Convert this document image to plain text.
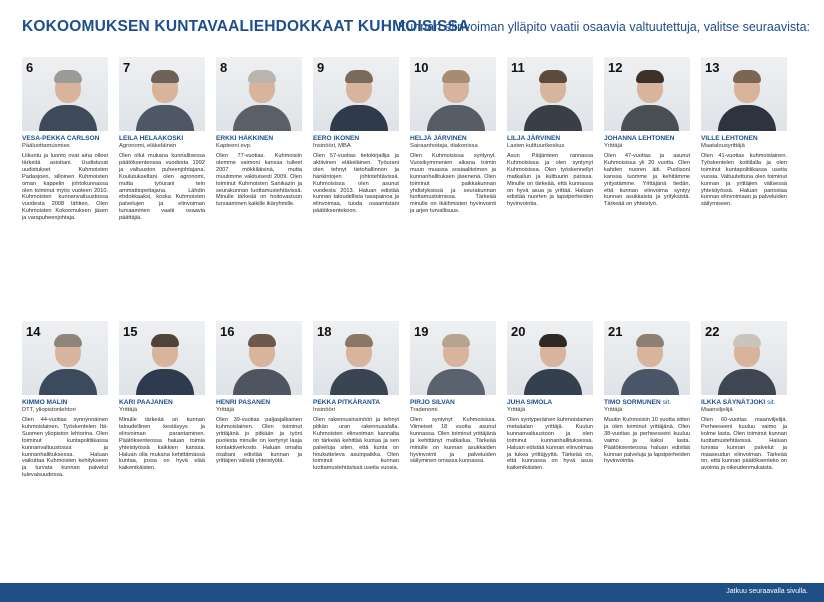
KOKOOMUKSEN KUNTAVAALIEHDOKKAAT KUHMOISISSA
Kunnan elinvoiman ylläpito vaatii osaavia valtuutettuja, valitse seuraavista:
6
VESA-PEKKA CARLSON
Pääluottamusmies
Liikuntu ja luonto ovat aina olleet tärkeitä asioitani. Uudistuvat uudistukset Kuhmoisten Padasjoen, silloinen Kuhmoisten oman kappelin johtokunnassa olen toiminut myös vuoteen 2010. Kuhmoisten kunnanvaltuustossa vuodesta 2008 lähtien. Olen Kuhmoisten Kokoomuksen jäsen ja varapuheenjohtaja.
7
LEILA HELAAKOSKI
Agronomi, eläkeläinen
Olen ollut mukana kunnallisessa päätöksenteossa vuodesta 1992 ja valtuuston puheenjohtajana. Koulutukseltani olen agronomi, mutta työurani tein ammattiopettajana. Lähdin ehdokkaaksi, koska Kuhmoisten palvelujen ja elinvoiman turvaaminen vaatii osaavia päättäjiä.
8
ERKKI HÄKKINEN
Kapteeni evp.
Olen 77-vuotias. Kuhmoisiin olemme vaimoni kanssa tulleet 2007 mökkiläisinä, mutta muutimme vakituisesti 2009. Olen toiminut Kuhmoisten Sanikazin ja seurakunnan luottamustehtävissä. Minulle tärkeää on hoitovastuun turvaaminen kaikille ikäryhmille.
9
EERO IKONEN
Insinööri, MBA
Olen 57-vuotias tietokirjailija ja aktiivinen eläkeläinen. Työurani olen tehnyt tietohallinnon ja hankintojen johtotehtävissä. Kuhmoisissa olen asunut vuodesta 2013. Haluan edistää kunnan taloudellista tasapainoa ja elinvoimaa, tuoda osaamistani päätöksentekoon.
10
HELJÄ JÄRVINEN
Sairaanhoitaja, diakonissa
Olen Kuhmoisissa syntynyt. Vuosikymmenien aikana toimin muun muassa sosiaalitoimen ja kunnanhallituksen jäsenenä. Olen toiminut paikkakunnan yhdistyksissä ja seurakunnan luottamustoimissa. Tärkeää minulle on ikäihmisten hyvinvointi ja arjen turvallisuus.
11
LILJA JÄRVINEN
Lasten kulttuurikeskus
Asun Päijänteen rannassa Kuhmoisissa ja olen syntynyt Kuhmoisissa. Olen työskennellyt matkailun ja kulttuurin parissa. Minulle on tärkeää, että kunnassa on hyvä asua ja yrittää. Haluan edistää nuorten ja lapsiperheiden hyvinvointia.
12
JOHANNA LEHTONEN
Yrittäjä
Olen 47-vuotias ja asunut Kuhmoisissa yli 20 vuotta. Olen kahden nuoren äiti. Puolisoni kanssa luomme ja kehitämme yritystämme. Yrittäjänä tiedän, että kunnan elinvoima syntyy kunnan asukkaista ja yrityksistä. Tärkeää on yhteistyö.
13
VILLE LEHTONEN
Maatalousyrittäjä
Olen 41-vuotias kuhmoislainen. Työskentelen kotitilalla ja olen toiminut kuntapolitiikassa useita vuosia. Valtuutettuna olen toiminut kunnan ja yrittäjien välisessä yhteistyössä. Haluan panostaa kunnan elinvoimaan ja palveluiden säilymiseen.
14
KIMMO MALIN
DTT, yliopistonlehtori
Olen 44-vuotias synnynnäinen kuhmoislainen. Työskentelen Itä-Suomen yliopiston lehtorina. Olen toiminut kuntapolitiikassa kunnanvaltuustossa ja kunnanhallituksessa. Haluan vaikuttaa Kuhmoisten kehitykseen ja turvata kunnan palvelut tulevaisuudessa.
15
KARI PAAJANEN
Yrittäjä
Minulle tärkeää on kunnan taloudellinen kestävyys ja elinvoiman parantaminen. Päätöksenteossa haluan toimia yhteistyössä kaikkien kanssa. Haluan olla mukana kehittämässä kuntaa, jossa on hyvä elää kaikenikäisten.
16
HENRI PASANEN
Yrittäjä
Olen 39-vuotias paljasjalkainen kuhmoislainen. Olen toiminut yrittäjänä jo pitkään ja työni puolesta minulle on kertynyt laaja kontaktiverkosto. Haluan omalta osaltani edistää kunnan ja yrittäjien välistä yhteistyötä.
18
PEKKA PITKÄRANTA
Insinööri
Olen rakennusinsinööri ja tehnyt pitkän uran rakennusalalla. Kuhmoisten elinvoiman kannalta on tärkeää kehittää kuntaa ja sen palveluja siten, että kunta on houkutteleva asuinpaikka. Olen toiminut kunnan luottamustehtävissä useita vuosia.
19
PIRJO SILVAN
Tradenomi
Olen syntynyt Kuhmoisissa. Viimeiset 18 vuotta asunut kunnassa. Olen toiminut yrittäjänä ja kehittänyt matkailua. Tärkeää minulle on kunnan asukkaiden hyvinvointi ja palveluiden säilyminen omassa kunnassa.
20
JUHA SIMOLA
Yrittäjä
Olen syntyperäinen kuhmoislainen metsäalan yrittäjä. Kuulun kunnanvaltuustoon ja olen toiminut kunnanhallituksessa. Haluan edistää kunnan elinvoimaa ja tukea yrittäjyyttä. Tärkeää on, että kunnassa on hyvä asua kaikenikäisten.
21
TIMO SORMUNEN sit.
Yrittäjä
Muutin Kuhmoisiin 10 vuotta sitten ja olen toiminut yrittäjänä. Olen 38-vuotias ja perheeseeni kuuluu vaimo ja kaksi lasta. Päätöksenteossa haluan edistää kunnan palveluja ja lapsiperheiden hyvinvointia.
22
ILKKA SÄYNÄTJOKI sit.
Maanviljelijä
Olen 60-vuotias maanviljelijä. Perheeseeni kuuluu vaimo ja kolme lasta. Olen toiminut kunnan luottamustehtävissä. Haluan turvata kunnan palvelut ja maaseudun elinvoiman. Tärkeää on, että kunnan päätöksenteko on avointa ja oikeudenmukaista.
Jatkuu seuraavalla sivulla.
